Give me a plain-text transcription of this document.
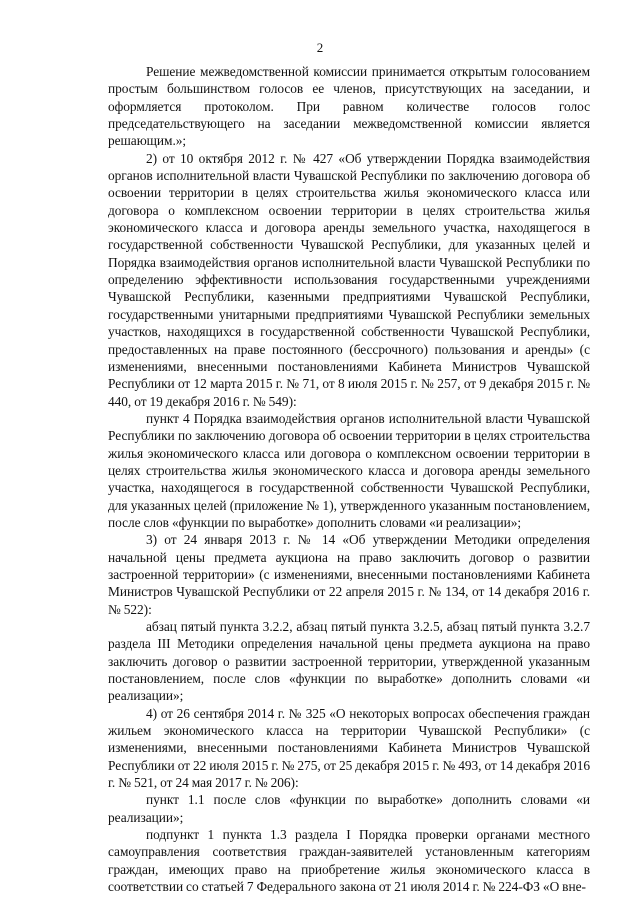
2

Решение межведомственной комиссии принимается открытым голосованием простым большинством голосов ее членов, присутствующих на заседании, и оформляется протоколом. При равном количестве голосов голос председательствующего на заседании межведомственной комиссии является решающим.»;

2) от 10 октября 2012 г. № 427 «Об утверждении Порядка взаимодействия органов исполнительной власти Чувашской Республики по заключению договора об освоении территории в целях строительства жилья экономического класса или договора о комплексном освоении территории в целях строительства жилья экономического класса и договора аренды земельного участка, находящегося в государственной собственности Чувашской Республики, для указанных целей и Порядка взаимодействия органов исполнительной власти Чувашской Республики по определению эффективности использования государственными учреждениями Чувашской Республики, казенными предприятиями Чувашской Республики, государственными унитарными предприятиями Чувашской Республики земельных участков, находящихся в государственной собственности Чувашской Республики, предоставленных на праве постоянного (бессрочного) пользования и аренды» (с изменениями, внесенными постановлениями Кабинета Министров Чувашской Республики от 12 марта 2015 г. № 71, от 8 июля 2015 г. № 257, от 9 декабря 2015 г. № 440, от 19 декабря 2016 г. № 549):

пункт 4 Порядка взаимодействия органов исполнительной власти Чувашской Республики по заключению договора об освоении территории в целях строительства жилья экономического класса или договора о комплексном освоении территории в целях строительства жилья экономического класса и договора аренды земельного участка, находящегося в государственной собственности Чувашской Республики, для указанных целей (приложение № 1), утвержденного указанным постановлением, после слов «функции по выработке» дополнить словами «и реализации»;

3) от 24 января 2013 г. № 14 «Об утверждении Методики определения начальной цены предмета аукциона на право заключить договор о развитии застроенной территории» (с изменениями, внесенными постановлениями Кабинета Министров Чувашской Республики от 22 апреля 2015 г. № 134, от 14 декабря 2016 г. № 522):

абзац пятый пункта 3.2.2, абзац пятый пункта 3.2.5, абзац пятый пункта 3.2.7 раздела III Методики определения начальной цены предмета аукциона на право заключить договор о развитии застроенной территории, утвержденной указанным постановлением, после слов «функции по выработке» дополнить словами «и реализации»;

4) от 26 сентября 2014 г. № 325 «О некоторых вопросах обеспечения граждан жильем экономического класса на территории Чувашской Республики» (с изменениями, внесенными постановлениями Кабинета Министров Чувашской Республики от 22 июля 2015 г. № 275, от 25 декабря 2015 г. № 493, от 14 декабря 2016 г. № 521, от 24 мая 2017 г. № 206):

пункт 1.1 после слов «функции по выработке» дополнить словами «и реализации»;

подпункт 1 пункта 1.3 раздела I Порядка проверки органами местного самоуправления соответствия граждан-заявителей установленным категориям граждан, имеющих право на приобретение жилья экономического класса в соответствии со статьей 7 Федерального закона от 21 июля 2014 г. № 224-ФЗ «О вне-
